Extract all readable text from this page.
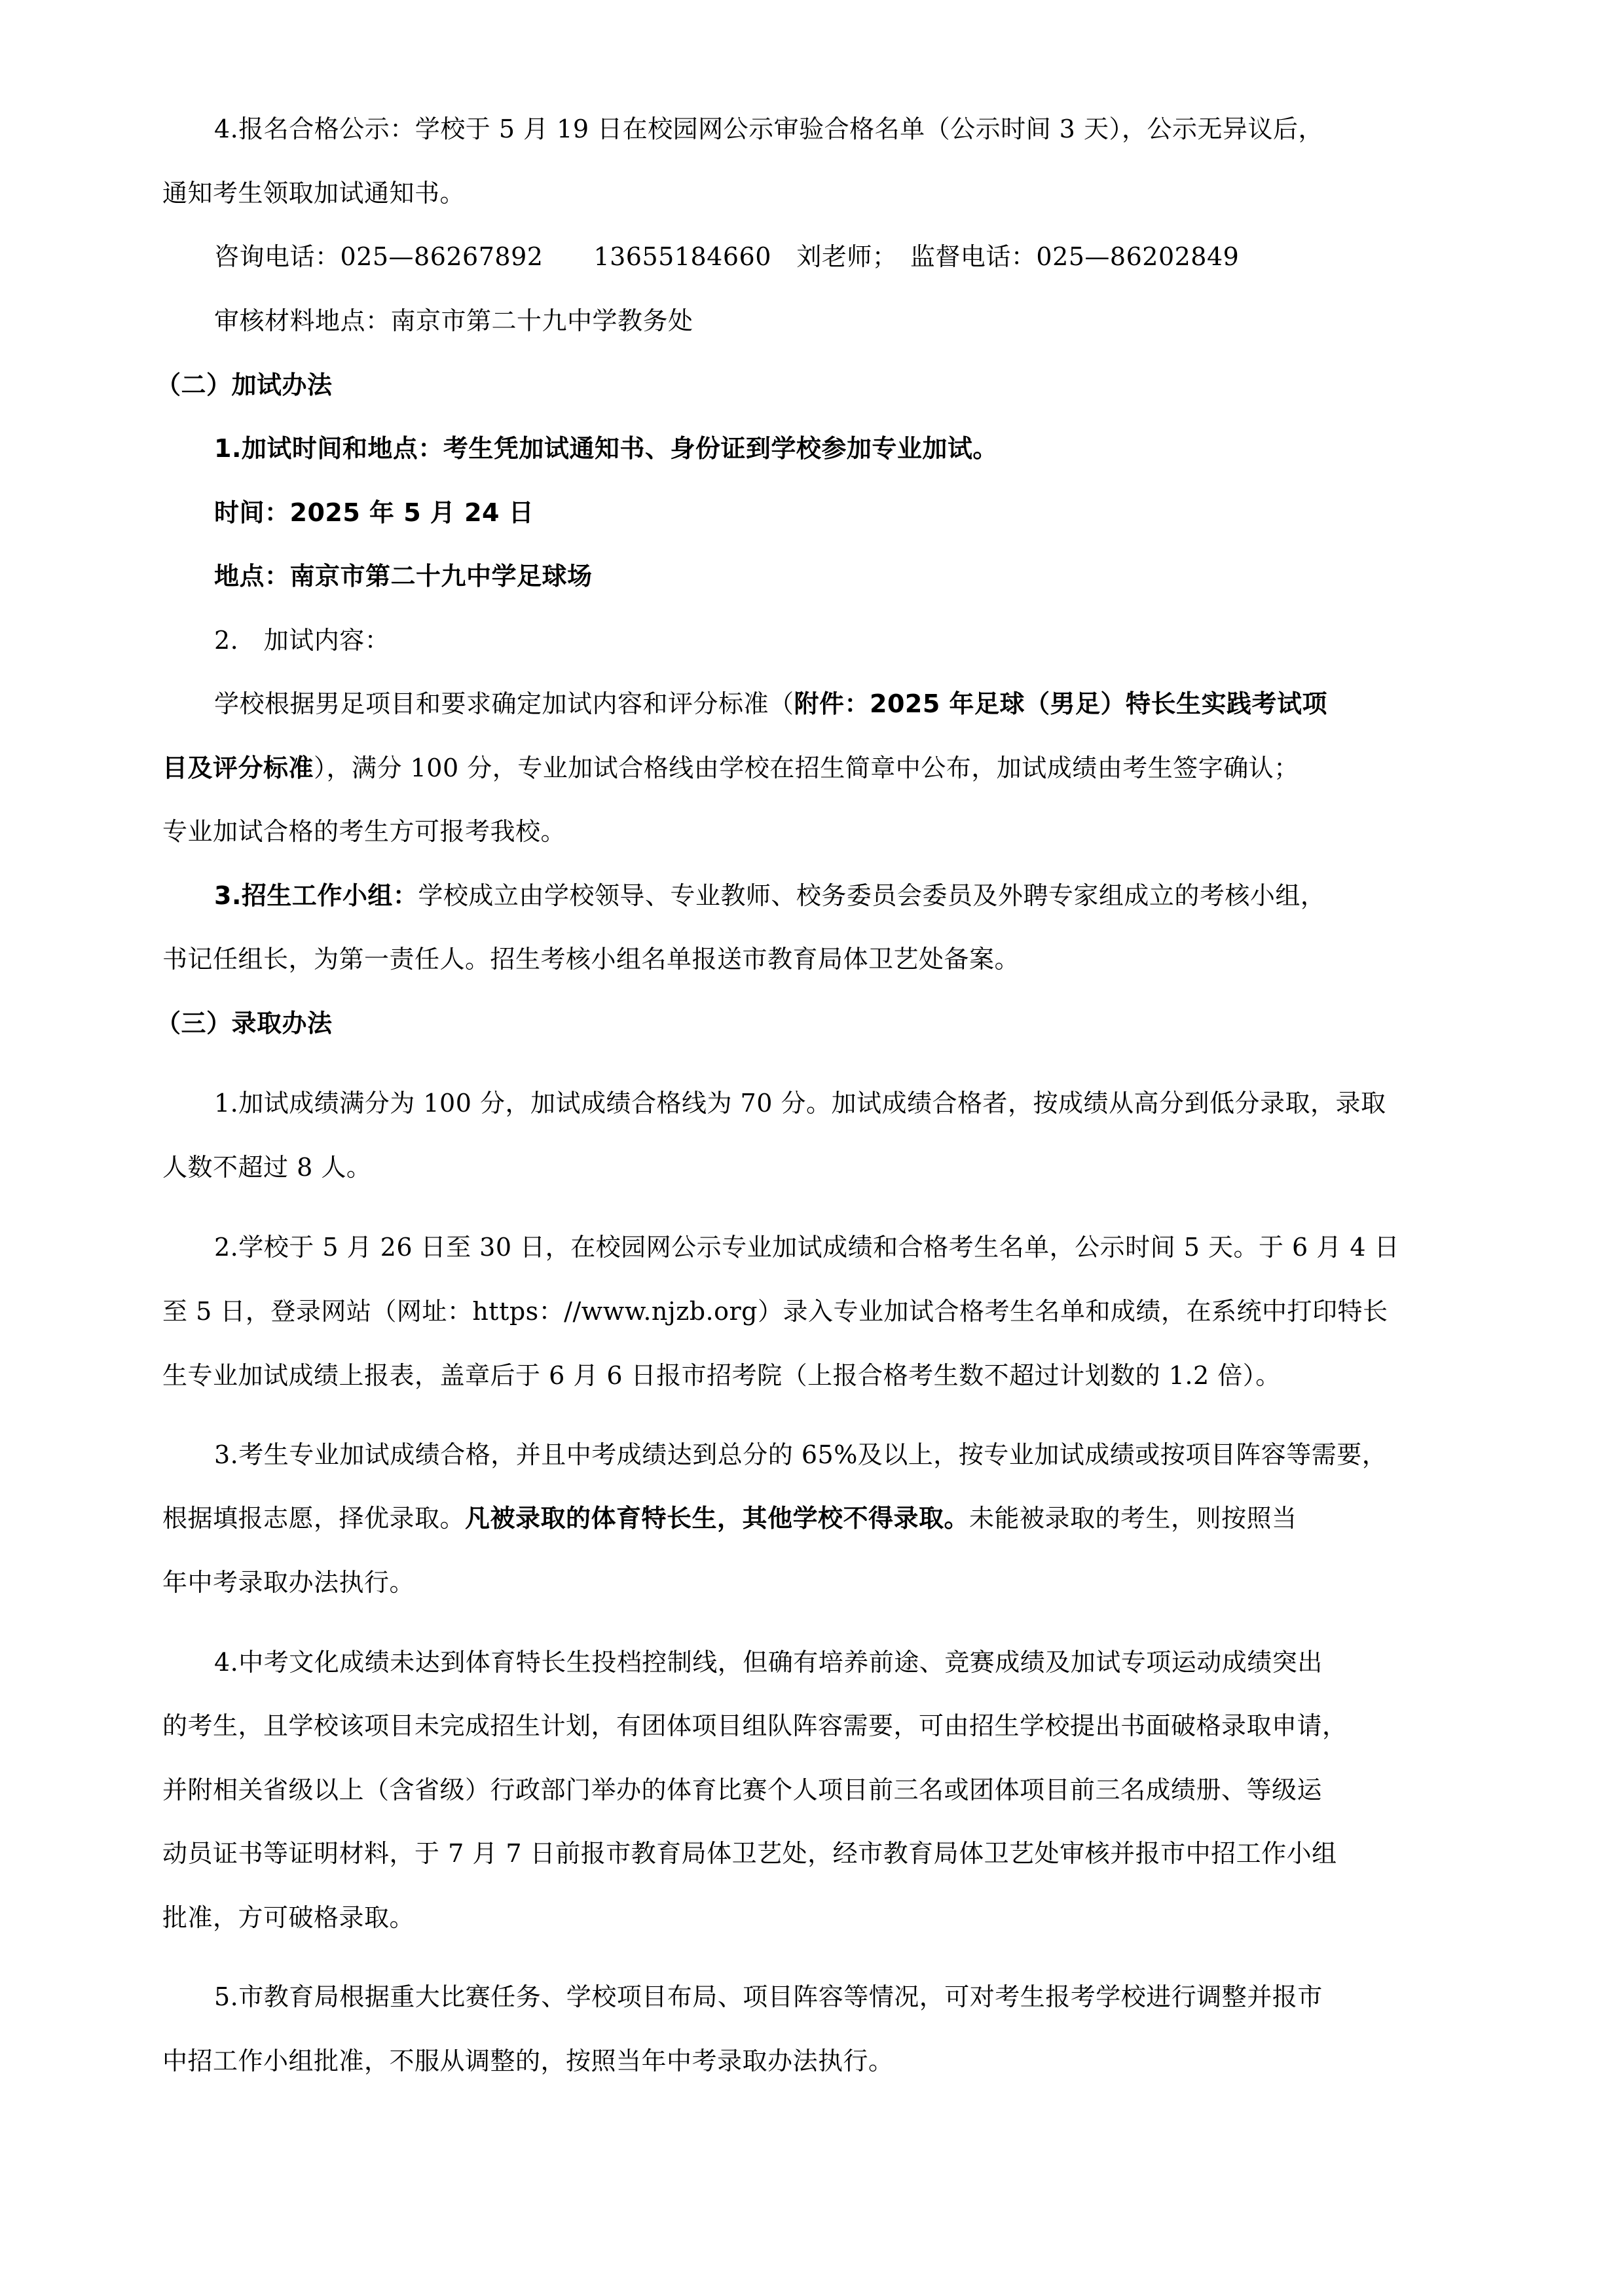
4.报名合格公示：学校于 5 月 19 日在校园网公示审验合格名单（公示时间 3 天），公示无异议后，
通知考生领取加试通知书。
咨询电话：025—86267892　　13655184660　刘老师；　监督电话：025—86202849
审核材料地点：南京市第二十九中学教务处
（二）加试办法
1.加试时间和地点：考生凭加试通知书、身份证到学校参加专业加试。
时间：2025 年 5 月 24 日
地点：南京市第二十九中学足球场
2.　加试内容：
学校根据男足项目和要求确定加试内容和评分标准（附件：2025 年足球（男足）特长生实践考试项
目及评分标准），满分 100 分，专业加试合格线由学校在招生简章中公布，加试成绩由考生签字确认；
专业加试合格的考生方可报考我校。
3.招生工作小组：学校成立由学校领导、专业教师、校务委员会委员及外聘专家组成立的考核小组，
书记任组长，为第一责任人。招生考核小组名单报送市教育局体卫艺处备案。
（三）录取办法
1.加试成绩满分为 100 分，加试成绩合格线为 70 分。加试成绩合格者，按成绩从高分到低分录取，录取
人数不超过 8 人。
2.学校于 5 月 26 日至 30 日，在校园网公示专业加试成绩和合格考生名单，公示时间 5 天。于 6 月 4 日
至 5 日，登录网站（网址：https：//www.njzb.org）录入专业加试合格考生名单和成绩，在系统中打印特长
生专业加试成绩上报表，盖章后于 6 月 6 日报市招考院（上报合格考生数不超过计划数的 1.2 倍）。
3.考生专业加试成绩合格，并且中考成绩达到总分的 65%及以上，按专业加试成绩或按项目阵容等需要，
根据填报志愿，择优录取。凡被录取的体育特长生，其他学校不得录取。未能被录取的考生，则按照当
年中考录取办法执行。
4.中考文化成绩未达到体育特长生投档控制线，但确有培养前途、竞赛成绩及加试专项运动成绩突出
的考生，且学校该项目未完成招生计划，有团体项目组队阵容需要，可由招生学校提出书面破格录取申请，
并附相关省级以上（含省级）行政部门举办的体育比赛个人项目前三名或团体项目前三名成绩册、等级运
动员证书等证明材料，于 7 月 7 日前报市教育局体卫艺处，经市教育局体卫艺处审核并报市中招工作小组
批准，方可破格录取。
5.市教育局根据重大比赛任务、学校项目布局、项目阵容等情况，可对考生报考学校进行调整并报市
中招工作小组批准，不服从调整的，按照当年中考录取办法执行。
